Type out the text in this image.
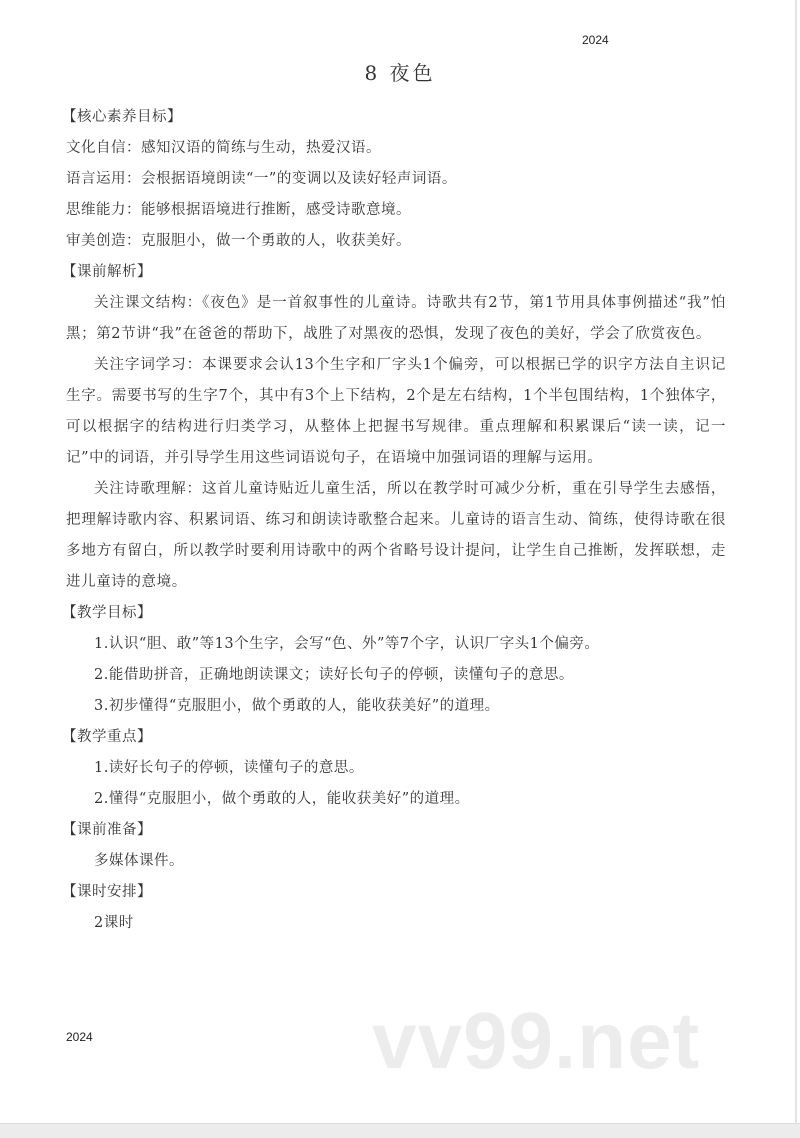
2024
8 夜色
【核心素养目标】
文化自信：感知汉语的简练与生动，热爱汉语。
语言运用：会根据语境朗读“一”的变调以及读好轻声词语。
思维能力：能够根据语境进行推断，感受诗歌意境。
审美创造：克服胆小，做一个勇敢的人，收获美好。
【课前解析】
关注课文结构：《夜色》是一首叙事性的儿童诗。诗歌共有2节，第1节用具体事例描述“我”怕黑；第2节讲“我”在爸爸的帮助下，战胜了对黑夜的恐惧，发现了夜色的美好，学会了欣赏夜色。
关注字词学习：本课要求会认13个生字和厂字头1个偏旁，可以根据已学的识字方法自主识记生字。需要书写的生字7个，其中有3个上下结构，2个是左右结构，1个半包围结构，1个独体字，可以根据字的结构进行归类学习，从整体上把握书写规律。重点理解和积累课后“读一读，记一记”中的词语，并引导学生用这些词语说句子，在语境中加强词语的理解与运用。
关注诗歌理解：这首儿童诗贴近儿童生活，所以在教学时可减少分析，重在引导学生去感悟，把理解诗歌内容、积累词语、练习和朗读诗歌整合起来。儿童诗的语言生动、简练，使得诗歌在很多地方有留白，所以教学时要利用诗歌中的两个省略号设计提问，让学生自己推断，发挥联想，走进儿童诗的意境。
【教学目标】
1.认识“胆、敢”等13个生字，会写“色、外”等7个字，认识厂字头1个偏旁。
2.能借助拼音，正确地朗读课文；读好长句子的停顿，读懂句子的意思。
3.初步懂得“克服胆小，做个勇敢的人，能收获美好”的道理。
【教学重点】
1.读好长句子的停顿，读懂句子的意思。
2.懂得“克服胆小，做个勇敢的人，能收获美好”的道理。
【课前准备】
多媒体课件。
【课时安排】
2课时
2024	vv99.net
